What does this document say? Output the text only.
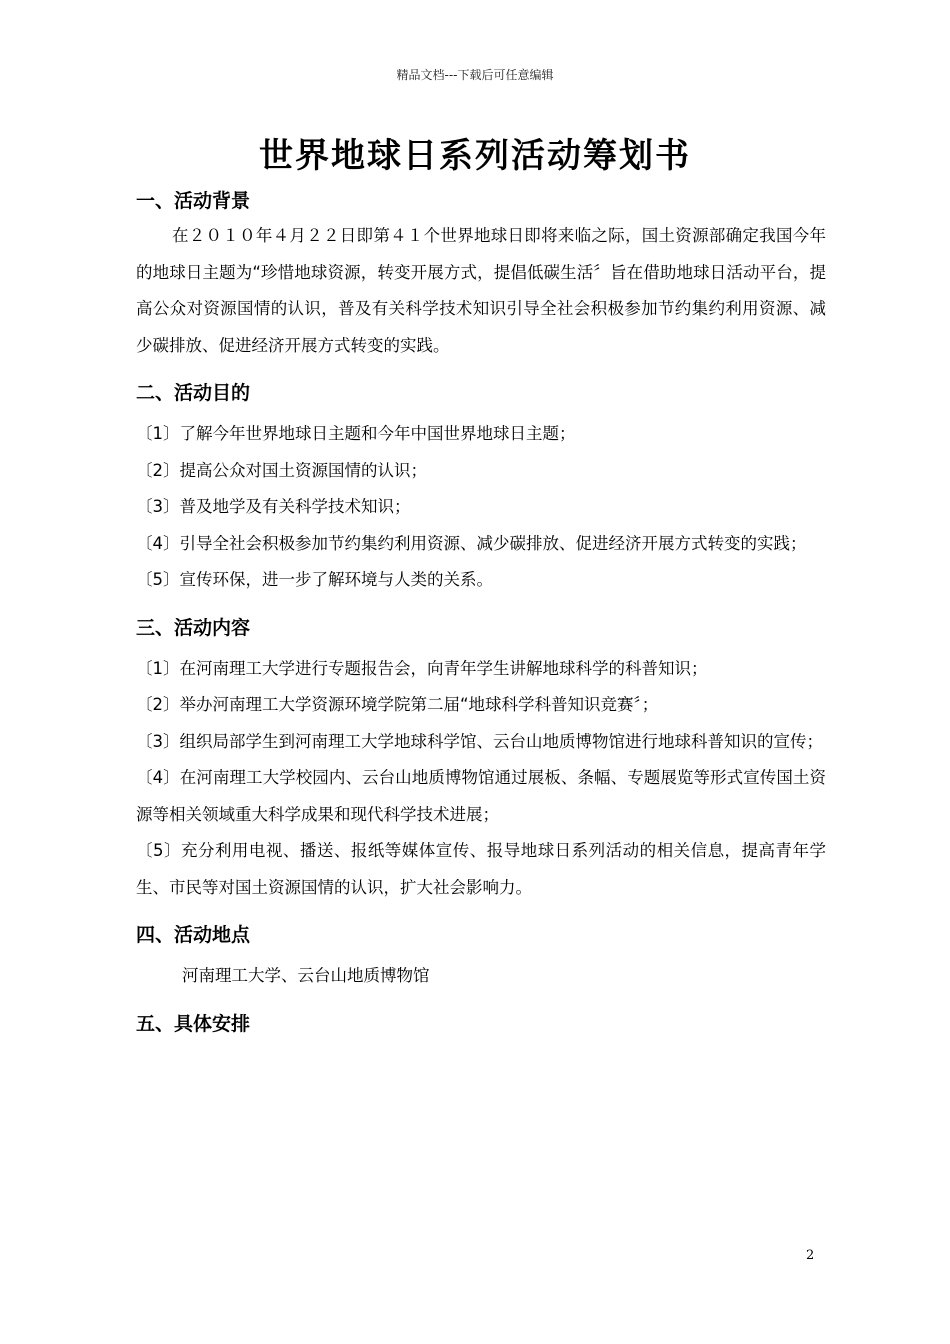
精品文档---下载后可任意编辑
世界地球日系列活动筹划书
一、活动背景

在２０１０年４月２２日即第４１个世界地球日即将来临之际，国土资源部确定我国今年的地球日主题为“珍惜地球资源，转变开展方式，提倡低碳生活〞旨在借助地球日活动平台，提高公众对资源国情的认识，普及有关科学技术知识引导全社会积极参加节约集约利用资源、减少碳排放、促进经济开展方式转变的实践。

二、活动目的

〔1〕了解今年世界地球日主题和今年中国世界地球日主题；

〔2〕提高公众对国土资源国情的认识；

〔3〕普及地学及有关科学技术知识；

〔4〕引导全社会积极参加节约集约利用资源、减少碳排放、促进经济开展方式转变的实践；

〔5〕宣传环保，进一步了解环境与人类的关系。

三、活动内容

〔1〕在河南理工大学进行专题报告会，向青年学生讲解地球科学的科普知识；

〔2〕举办河南理工大学资源环境学院第二届“地球科学科普知识竞赛〞；

〔3〕组织局部学生到河南理工大学地球科学馆、云台山地质博物馆进行地球科普知识的宣传；

〔4〕在河南理工大学校园内、云台山地质博物馆通过展板、条幅、专题展览等形式宣传国土资源等相关领域重大科学成果和现代科学技术进展；

〔5〕充分利用电视、播送、报纸等媒体宣传、报导地球日系列活动的相关信息，提高青年学生、市民等对国土资源国情的认识，扩大社会影响力。

四、活动地点

河南理工大学、云台山地质博物馆

五、具体安排
2
